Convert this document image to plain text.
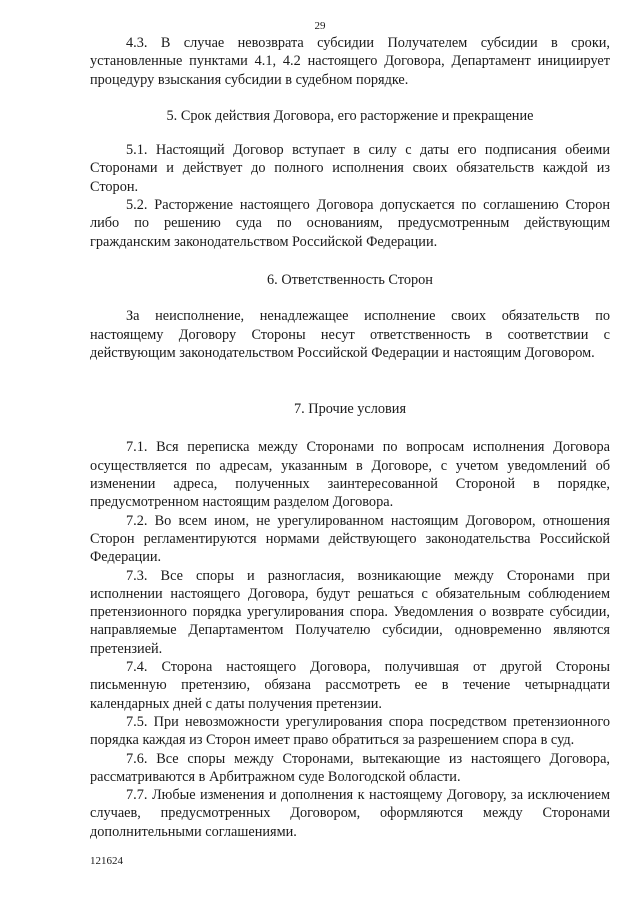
29

4.3. В случае невозврата субсидии Получателем субсидии в сроки, установленные пунктами 4.1, 4.2 настоящего Договора, Департамент инициирует процедуру взыскания субсидии в судебном порядке.

5. Срок действия Договора, его расторжение и прекращение

5.1. Настоящий Договор вступает в силу с даты его подписания обеими Сторонами и действует до полного исполнения своих обязательств каждой из Сторон.

5.2. Расторжение настоящего Договора допускается по соглашению Сторон либо по решению суда по основаниям, предусмотренным действующим гражданским законодательством Российской Федерации.

6. Ответственность Сторон

За неисполнение, ненадлежащее исполнение своих обязательств по настоящему Договору Стороны несут ответственность в соответствии с действующим законодательством Российской Федерации и настоящим Договором.

7. Прочие условия

7.1. Вся переписка между Сторонами по вопросам исполнения Договора осуществляется по адресам, указанным в Договоре, с учетом уведомлений об изменении адреса, полученных заинтересованной Стороной в порядке, предусмотренном настоящим разделом Договора.

7.2. Во всем ином, не урегулированном настоящим Договором, отношения Сторон регламентируются нормами действующего законодательства Российской Федерации.

7.3. Все споры и разногласия, возникающие между Сторонами при исполнении настоящего Договора, будут решаться с обязательным соблюдением претензионного порядка урегулирования спора. Уведомления о возврате субсидии, направляемые Департаментом Получателю субсидии, одновременно являются претензией.

7.4. Сторона настоящего Договора, получившая от другой Стороны письменную претензию, обязана рассмотреть ее в течение четырнадцати календарных дней с даты получения претензии.

7.5. При невозможности урегулирования спора посредством претензионного порядка каждая из Сторон имеет право обратиться за разрешением спора в суд.

7.6. Все споры между Сторонами, вытекающие из настоящего Договора, рассматриваются в Арбитражном суде Вологодской области.

7.7. Любые изменения и дополнения к настоящему Договору, за исключением случаев, предусмотренных Договором, оформляются между Сторонами дополнительными соглашениями.

121624
